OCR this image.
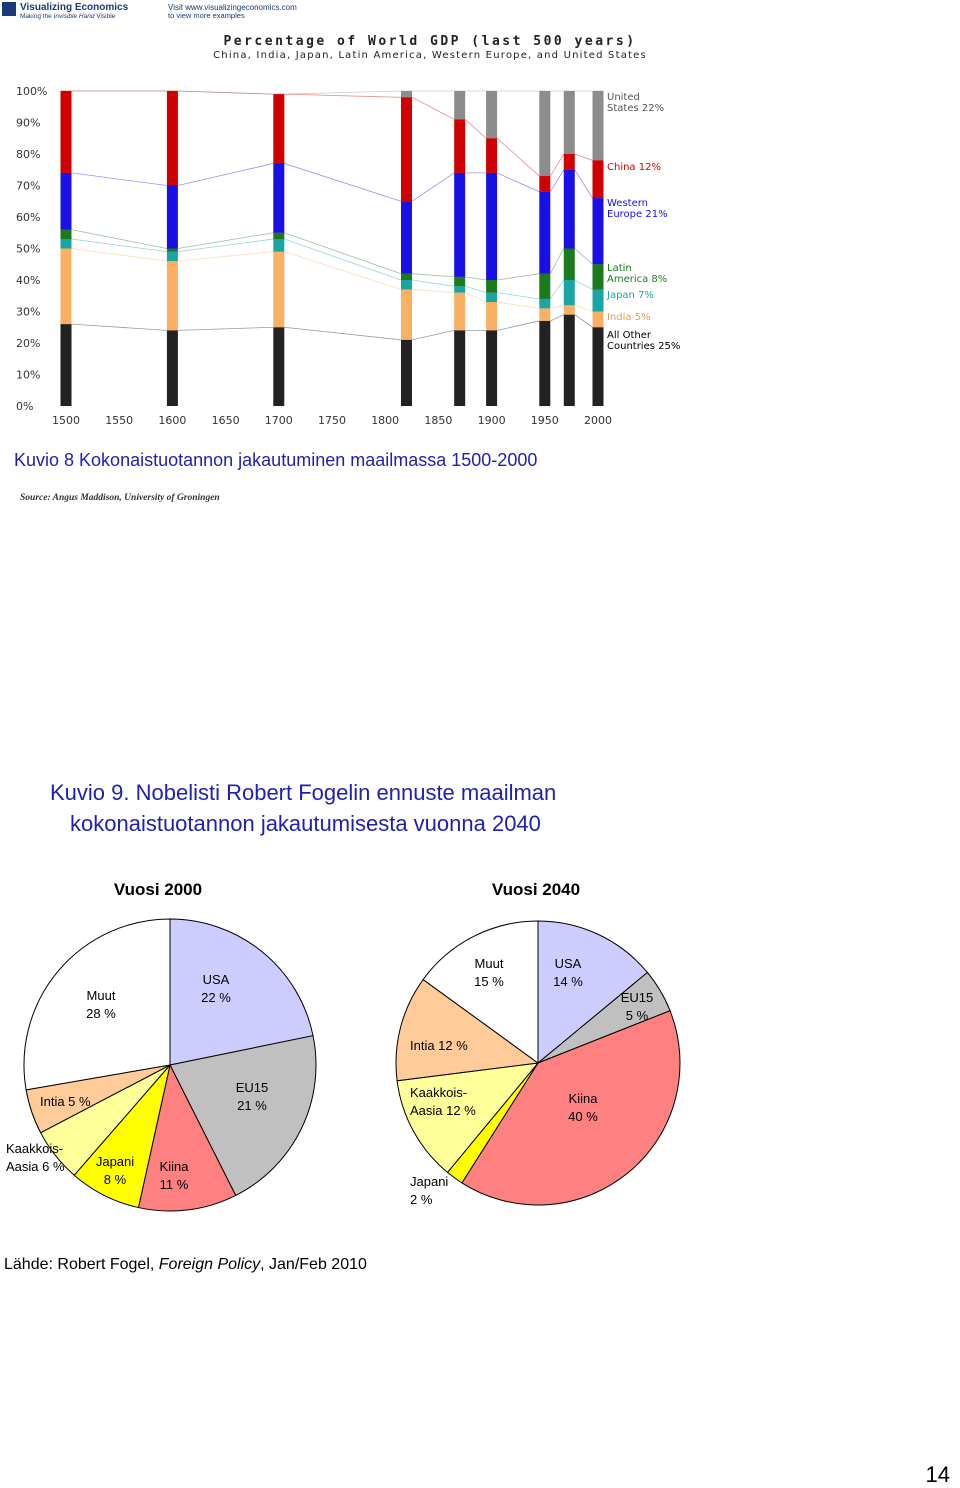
Visualizing Economics
Making the Invisible Hand Visible
Visit www.visualizingeconomics.com
to view more examples
Percentage of World GDP (last 500 years)
China, India, Japan, Latin America, Western Europe, and United States
0%
10%
20%
30%
40%
50%
60%
70%
80%
90%
100%
1500 1550 1600 1650 1700 1750 1800 1850 1900 1950 2000
United States 22%
China 12%
Western Europe 21%
Latin America 8%
Japan 7%
India 5%
All Other Countries 25%
Kuvio 8 Kokonaistuotannon jakautuminen maailmassa 1500-2000
Source: Angus Maddison, University of Groningen
Kuvio 9. Nobelisti Robert Fogelin ennuste maailman
kokonaistuotannon jakautumisesta vuonna 2040
Vuosi 2000	Vuosi 2040
USA 22 %
EU15 21 %
Kiina 11 %
Japani 8 %
Kaakkois-Aasia 6 %
Intia 5 %
Muut 28 %
USA 14 %
EU15 5 %
Kiina 40 %
Japani 2 %
Kaakkois-Aasia 12 %
Intia 12 %
Muut 15 %
Lähde: Robert Fogel, Foreign Policy, Jan/Feb 2010
14
